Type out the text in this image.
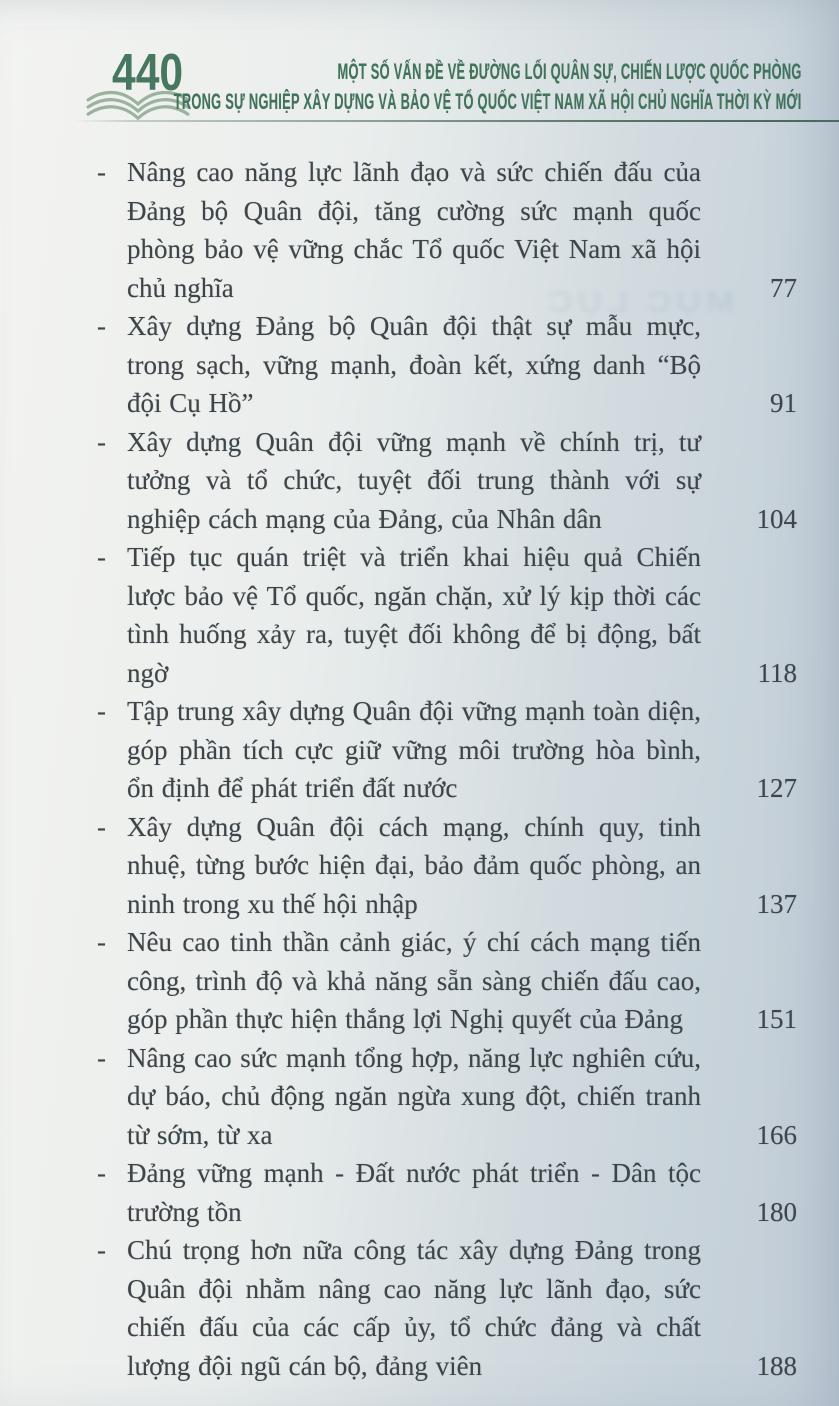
440	MỘT SỐ VẤN ĐỀ VỀ ĐƯỜNG LỐI QUÂN SỰ, CHIẾN LƯỢC QUỐC PHÒNG
TRONG SỰ NGHIỆP XÂY DỰNG VÀ BẢO VỆ TỔ QUỐC VIỆT NAM XÃ HỘI CHỦ NGHĨA THỜI KỲ MỚI
MỤC LỤC
- Nâng cao năng lực lãnh đạo và sức chiến đấu của Đảng bộ Quân đội, tăng cường sức mạnh quốc phòng bảo vệ vững chắc Tổ quốc Việt Nam xã hội chủ nghĩa	77
- Xây dựng Đảng bộ Quân đội thật sự mẫu mực, trong sạch, vững mạnh, đoàn kết, xứng danh “Bộ đội Cụ Hồ”	91
- Xây dựng Quân đội vững mạnh về chính trị, tư tưởng và tổ chức, tuyệt đối trung thành với sự nghiệp cách mạng của Đảng, của Nhân dân	104
- Tiếp tục quán triệt và triển khai hiệu quả Chiến lược bảo vệ Tổ quốc, ngăn chặn, xử lý kịp thời các tình huống xảy ra, tuyệt đối không để bị động, bất ngờ	118
- Tập trung xây dựng Quân đội vững mạnh toàn diện, góp phần tích cực giữ vững môi trường hòa bình, ổn định để phát triển đất nước	127
- Xây dựng Quân đội cách mạng, chính quy, tinh nhuệ, từng bước hiện đại, bảo đảm quốc phòng, an ninh trong xu thế hội nhập	137
- Nêu cao tinh thần cảnh giác, ý chí cách mạng tiến công, trình độ và khả năng sẵn sàng chiến đấu cao, góp phần thực hiện thắng lợi Nghị quyết của Đảng	151
- Nâng cao sức mạnh tổng hợp, năng lực nghiên cứu, dự báo, chủ động ngăn ngừa xung đột, chiến tranh từ sớm, từ xa	166
- Đảng vững mạnh - Đất nước phát triển - Dân tộc trường tồn	180
- Chú trọng hơn nữa công tác xây dựng Đảng trong Quân đội nhằm nâng cao năng lực lãnh đạo, sức chiến đấu của các cấp ủy, tổ chức đảng và chất lượng đội ngũ cán bộ, đảng viên	188
